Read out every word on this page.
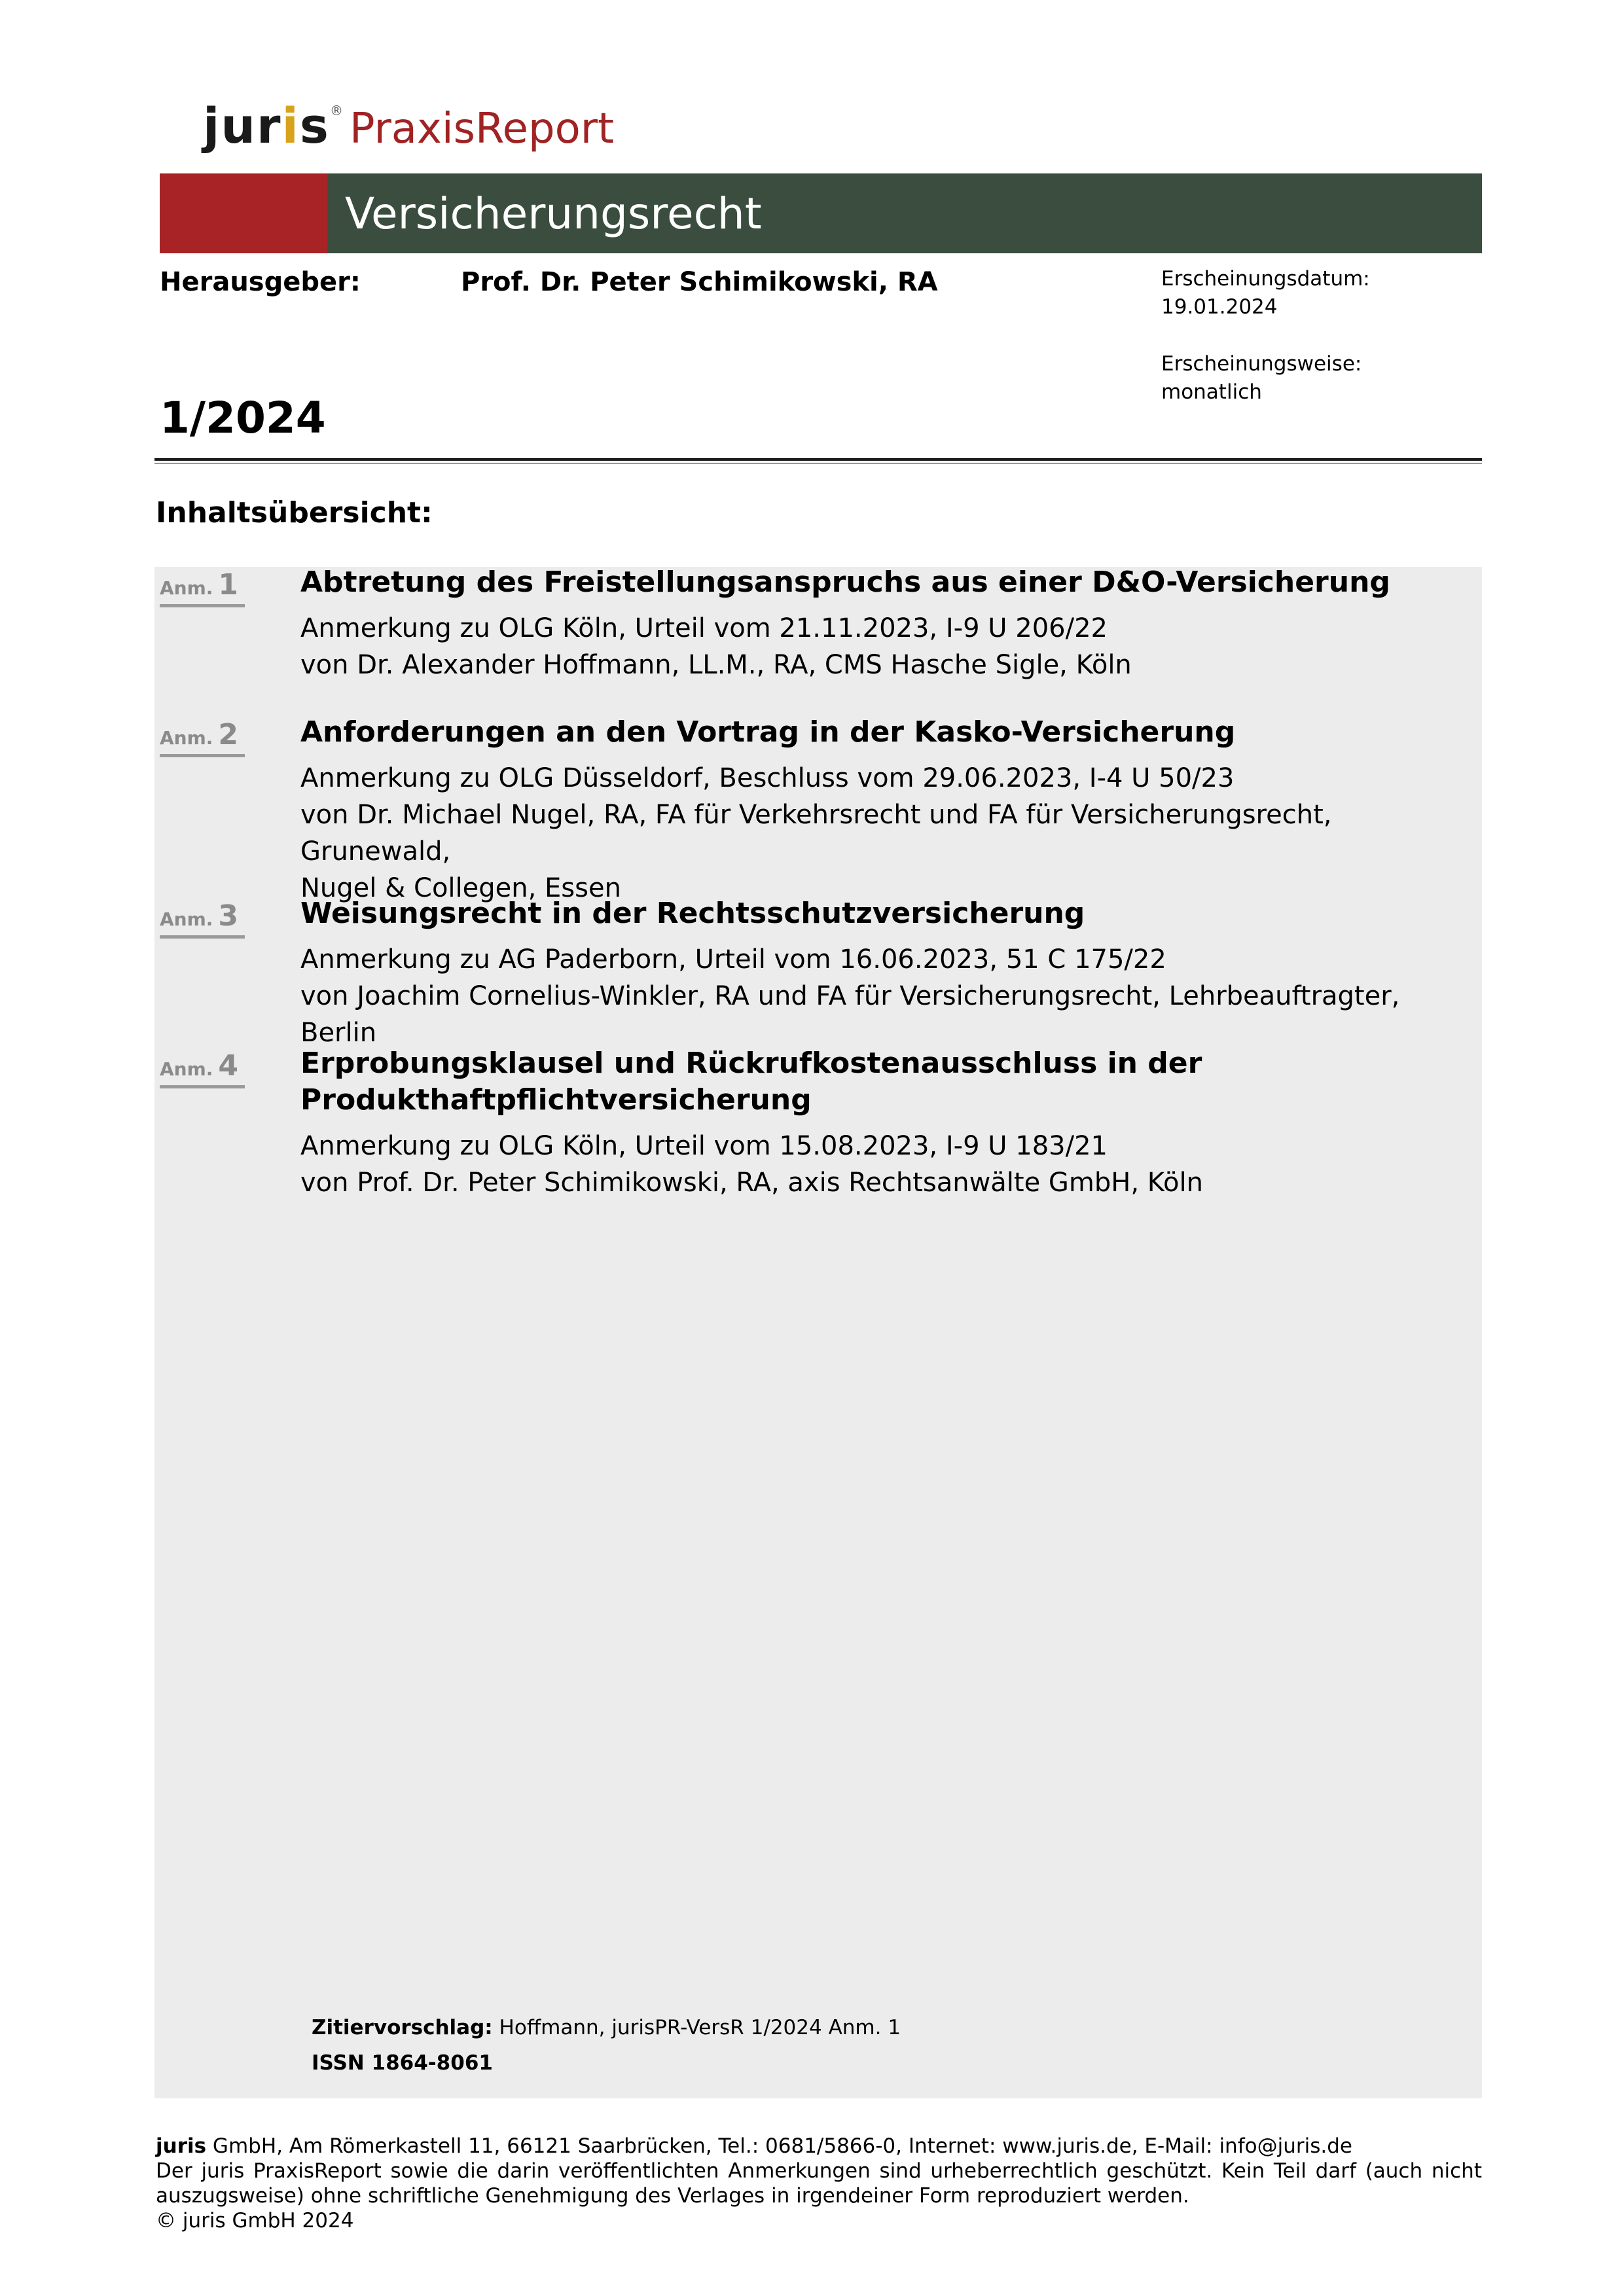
juris ® PraxisReport
Versicherungsrecht
Herausgeber:	Prof. Dr. Peter Schimikowski, RA	Erscheinungsdatum:
19.01.2024
Erscheinungsweise:
monatlich
1/2024
Inhaltsübersicht:
Anm. 1 Abtretung des Freistellungsanspruchs aus einer D&O-Versicherung
Anmerkung zu OLG Köln, Urteil vom 21.11.2023, I-9 U 206/22
von Dr. Alexander Hoffmann, LL.M., RA, CMS Hasche Sigle, Köln
Anm. 2 Anforderungen an den Vortrag in der Kasko-Versicherung
Anmerkung zu OLG Düsseldorf, Beschluss vom 29.06.2023, I-4 U 50/23
von Dr. Michael Nugel, RA, FA für Verkehrsrecht und FA für Versicherungsrecht, Grunewald,
Nugel & Collegen, Essen
Anm. 3 Weisungsrecht in der Rechtsschutzversicherung
Anmerkung zu AG Paderborn, Urteil vom 16.06.2023, 51 C 175/22
von Joachim Cornelius-Winkler, RA und FA für Versicherungsrecht, Lehrbeauftragter, Berlin
Anm. 4 Erprobungsklausel und Rückrufkostenausschluss in der Produkthaftpflichtversicherung
Anmerkung zu OLG Köln, Urteil vom 15.08.2023, I-9 U 183/21
von Prof. Dr. Peter Schimikowski, RA, axis Rechtsanwälte GmbH, Köln
Zitiervorschlag: Hoffmann, jurisPR-VersR 1/2024 Anm. 1
ISSN 1864-8061
juris GmbH, Am Römerkastell 11, 66121 Saarbrücken, Tel.: 0681/5866-0, Internet: www.juris.de, E-Mail: info@juris.de
Der juris PraxisReport sowie die darin veröffentlichten Anmerkungen sind urheberrechtlich geschützt. Kein Teil darf (auch nicht auszugsweise) ohne schriftliche Genehmigung des Verlages in irgendeiner Form reproduziert werden.
© juris GmbH 2024
